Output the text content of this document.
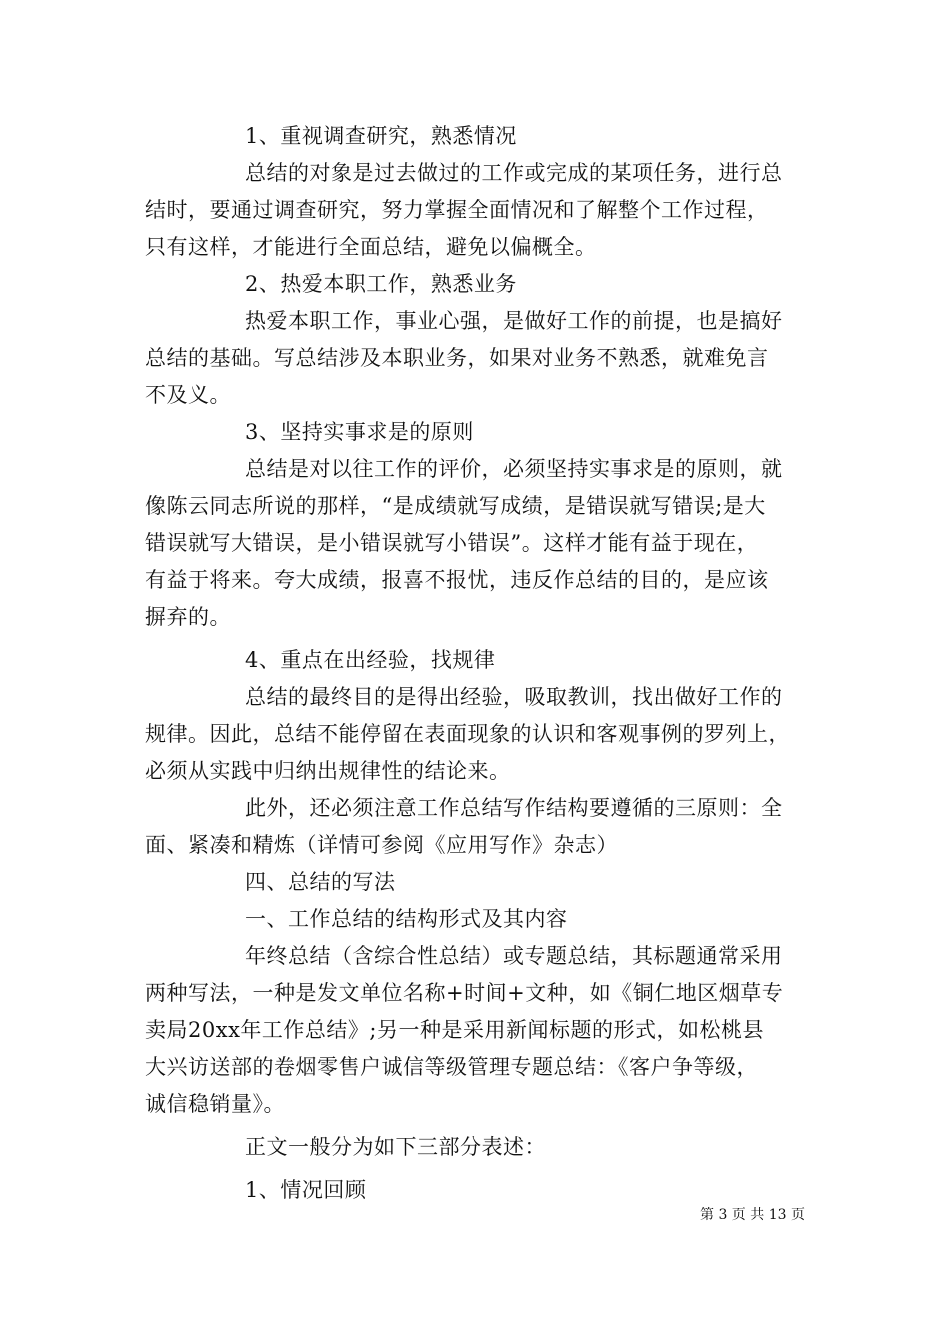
1、重视调查研究，熟悉情况
总结的对象是过去做过的工作或完成的某项任务，进行总
结时，要通过调查研究，努力掌握全面情况和了解整个工作过程，
只有这样，才能进行全面总结，避免以偏概全。
2、热爱本职工作，熟悉业务
热爱本职工作，事业心强，是做好工作的前提，也是搞好
总结的基础。写总结涉及本职业务，如果对业务不熟悉，就难免言
不及义。
3、坚持实事求是的原则
总结是对以往工作的评价，必须坚持实事求是的原则，就
像陈云同志所说的那样，“是成绩就写成绩，是错误就写错误;是大
错误就写大错误，是小错误就写小错误”。这样才能有益于现在，
有益于将来。夸大成绩，报喜不报忧，违反作总结的目的，是应该
摒弃的。
4、重点在出经验，找规律
总结的最终目的是得出经验，吸取教训，找出做好工作的
规律。因此，总结不能停留在表面现象的认识和客观事例的罗列上，
必须从实践中归纳出规律性的结论来。
此外，还必须注意工作总结写作结构要遵循的三原则：全
面、紧凑和精炼（详情可参阅《应用写作》杂志）
四、总结的写法
一、工作总结的结构形式及其内容
年终总结（含综合性总结）或专题总结，其标题通常采用
两种写法，一种是发文单位名称+时间+文种，如《铜仁地区烟草专
卖局20xx年工作总结》;另一种是采用新闻标题的形式，如松桃县
大兴访送部的卷烟零售户诚信等级管理专题总结：《客户争等级，
诚信稳销量》。
正文一般分为如下三部分表述：
1、情况回顾
第 3 页 共 13 页
